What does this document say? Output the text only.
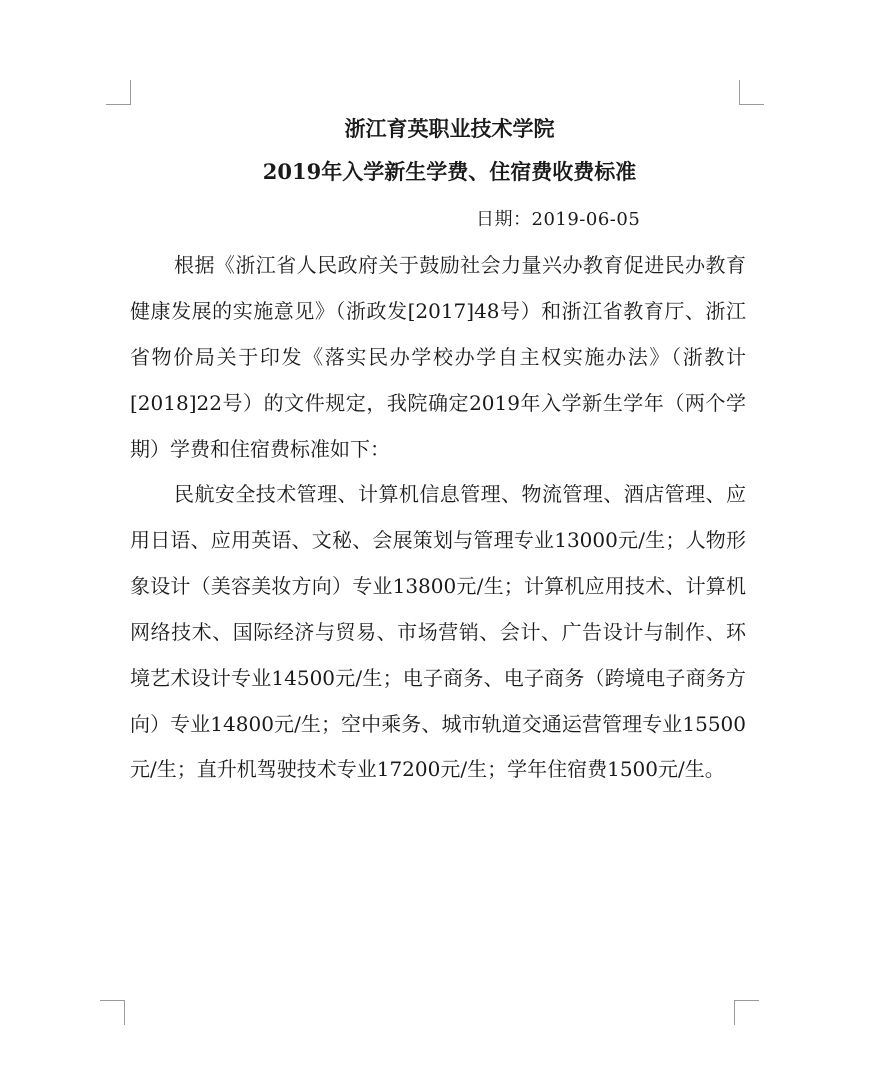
浙江育英职业技术学院
2019年入学新生学费、住宿费收费标准
日期：2019-06-05

根据《浙江省人民政府关于鼓励社会力量兴办教育促进民办教育健康发展的实施意见》（浙政发[2017]48号）和浙江省教育厅、浙江省物价局关于印发《落实民办学校办学自主权实施办法》（浙教计[2018]22号）的文件规定，我院确定2019年入学新生学年（两个学期）学费和住宿费标准如下：

民航安全技术管理、计算机信息管理、物流管理、酒店管理、应用日语、应用英语、文秘、会展策划与管理专业13000元/生；人物形象设计（美容美妆方向）专业13800元/生；计算机应用技术、计算机网络技术、国际经济与贸易、市场营销、会计、广告设计与制作、环境艺术设计专业14500元/生；电子商务、电子商务（跨境电子商务方向）专业14800元/生；空中乘务、城市轨道交通运营管理专业15500元/生；直升机驾驶技术专业17200元/生；学年住宿费1500元/生。
